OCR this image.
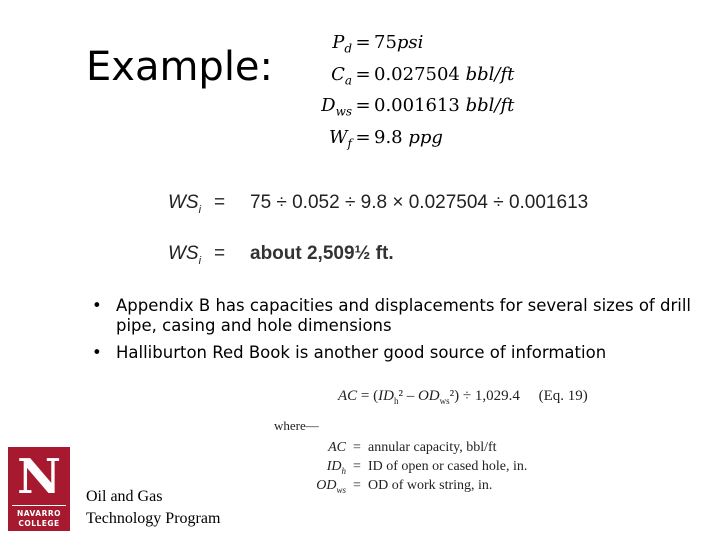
Example:
$P_d = 75psi$
$C_a = 0.027504$ bbl/ft
$D_{ws} = 0.001613$ bbl/ft
$W_f = 9.8$ ppg
$WS_i = 75 \div 0.052 \div 9.8 \times 0.027504 \div 0.001613$
$WS_i$ = about 2,509½ ft.
• Appendix B has capacities and displacements for several sizes of drill pipe, casing and hole dimensions
• Halliburton Red Book is another good source of information
AC = $(ID_h^2 - OD_{ws}^2) \div 1,029.4$     (Eq. 19)
where—
AC = annular capacity, bbl/ft
$ID_h$ = ID of open or cased hole, in.
$OD_{ws}$ = OD of work string, in.
N
NAVARRO
COLLEGE
Oil and Gas
Technology Program
